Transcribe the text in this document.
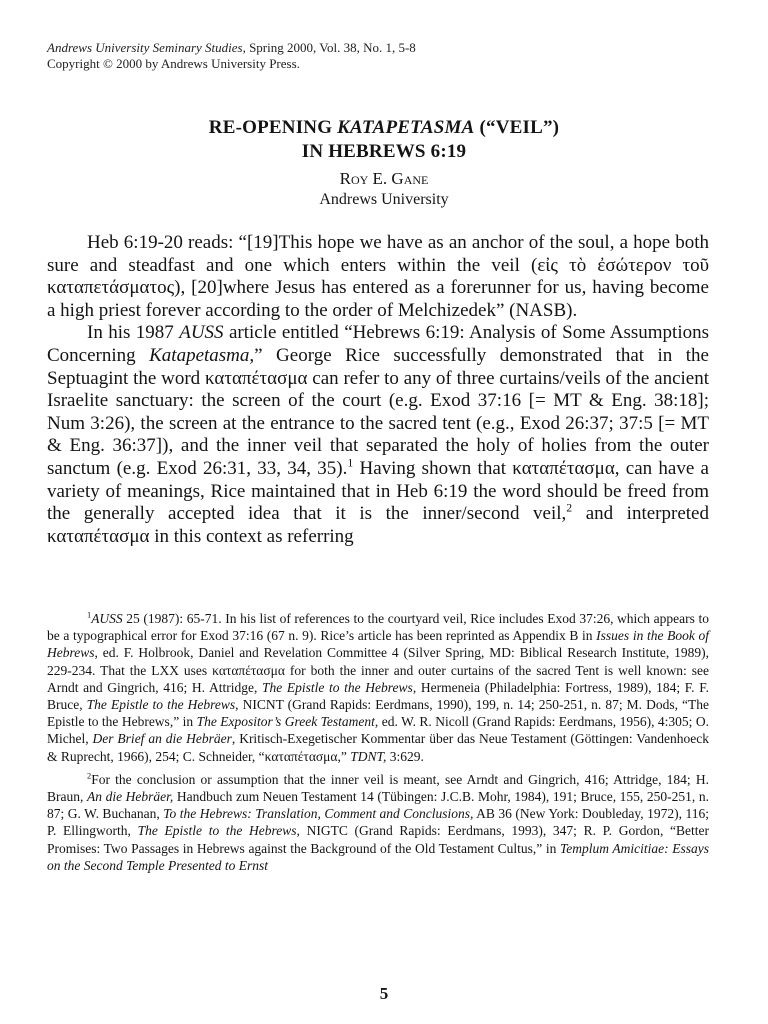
Andrews University Seminary Studies, Spring 2000, Vol. 38, No. 1, 5-8
Copyright © 2000 by Andrews University Press.
RE-OPENING KATAPETASMA (“VEIL”)
IN HEBREWS 6:19
Roy E. Gane
Andrews University

Heb 6:19-20 reads: “[19]This hope we have as an anchor of the soul, a hope both sure and steadfast and one which enters within the veil (εἰς τὸ ἐσώτερον τοῦ καταπετάσματος), [20]where Jesus has entered as a forerunner for us, having become a high priest forever according to the order of Melchizedek” (NASB).

In his 1987 AUSS article entitled “Hebrews 6:19: Analysis of Some Assumptions Concerning Katapetasma,” George Rice successfully demonstrated that in the Septuagint the word καταπέτασμα can refer to any of three curtains/veils of the ancient Israelite sanctuary: the screen of the court (e.g. Exod 37:16 [= MT & Eng. 38:18]; Num 3:26), the screen at the entrance to the sacred tent (e.g., Exod 26:37; 37:5 [= MT & Eng. 36:37]), and the inner veil that separated the holy of holies from the outer sanctum (e.g. Exod 26:31, 33, 34, 35).$^1$ Having shown that καταπέτασμα, can have a variety of meanings, Rice maintained that in Heb 6:19 the word should be freed from the generally accepted idea that it is the inner/second veil,$^2$ and interpreted καταπέτασμα in this context as referring

$^1$AUSS 25 (1987): 65-71. In his list of references to the courtyard veil, Rice includes Exod 37:26, which appears to be a typographical error for Exod 37:16 (67 n. 9). Rice’s article has been reprinted as Appendix B in Issues in the Book of Hebrews, ed. F. Holbrook, Daniel and Revelation Committee 4 (Silver Spring, MD: Biblical Research Institute, 1989), 229-234. That the LXX uses καταπέτασμα for both the inner and outer curtains of the sacred Tent is well known: see Arndt and Gingrich, 416; H. Attridge, The Epistle to the Hebrews, Hermeneia (Philadelphia: Fortress, 1989), 184; F. F. Bruce, The Epistle to the Hebrews, NICNT (Grand Rapids: Eerdmans, 1990), 199, n. 14; 250-251, n. 87; M. Dods, “The Epistle to the Hebrews,” in The Expositor’s Greek Testament, ed. W. R. Nicoll (Grand Rapids: Eerdmans, 1956), 4:305; O. Michel, Der Brief an die Hebräer, Kritisch-Exegetischer Kommentar über das Neue Testament (Göttingen: Vandenhoeck & Ruprecht, 1966), 254; C. Schneider, “καταπέτασμα,” TDNT, 3:629.

$^2$For the conclusion or assumption that the inner veil is meant, see Arndt and Gingrich, 416; Attridge, 184; H. Braun, An die Hebräer, Handbuch zum Neuen Testament 14 (Tübingen: J.C.B. Mohr, 1984), 191; Bruce, 155, 250-251, n. 87; G. W. Buchanan, To the Hebrews: Translation, Comment and Conclusions, AB 36 (New York: Doubleday, 1972), 116; P. Ellingworth, The Epistle to the Hebrews, NIGTC (Grand Rapids: Eerdmans, 1993), 347; R. P. Gordon, “Better Promises: Two Passages in Hebrews against the Background of the Old Testament Cultus,” in Templum Amicitiae: Essays on the Second Temple Presented to Ernst

5
